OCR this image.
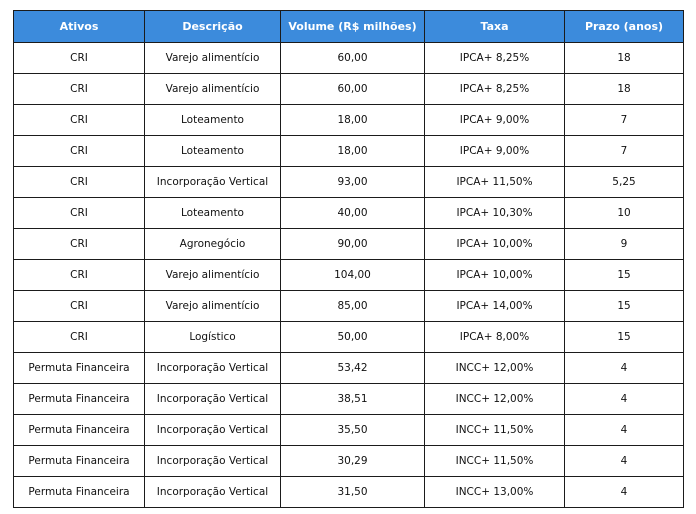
Ativos	Descrição	Volume (R$ milhões)	Taxa	Prazo (anos)
CRI	Varejo alimentício	60,00	IPCA+ 8,25%	18
CRI	Varejo alimentício	60,00	IPCA+ 8,25%	18
CRI	Loteamento	18,00	IPCA+ 9,00%	7
CRI	Loteamento	18,00	IPCA+ 9,00%	7
CRI	Incorporação Vertical	93,00	IPCA+ 11,50%	5,25
CRI	Loteamento	40,00	IPCA+ 10,30%	10
CRI	Agronegócio	90,00	IPCA+ 10,00%	9
CRI	Varejo alimentício	104,00	IPCA+ 10,00%	15
CRI	Varejo alimentício	85,00	IPCA+ 14,00%	15
CRI	Logístico	50,00	IPCA+ 8,00%	15
Permuta Financeira	Incorporação Vertical	53,42	INCC+ 12,00%	4
Permuta Financeira	Incorporação Vertical	38,51	INCC+ 12,00%	4
Permuta Financeira	Incorporação Vertical	35,50	INCC+ 11,50%	4
Permuta Financeira	Incorporação Vertical	30,29	INCC+ 11,50%	4
Permuta Financeira	Incorporação Vertical	31,50	INCC+ 13,00%	4
